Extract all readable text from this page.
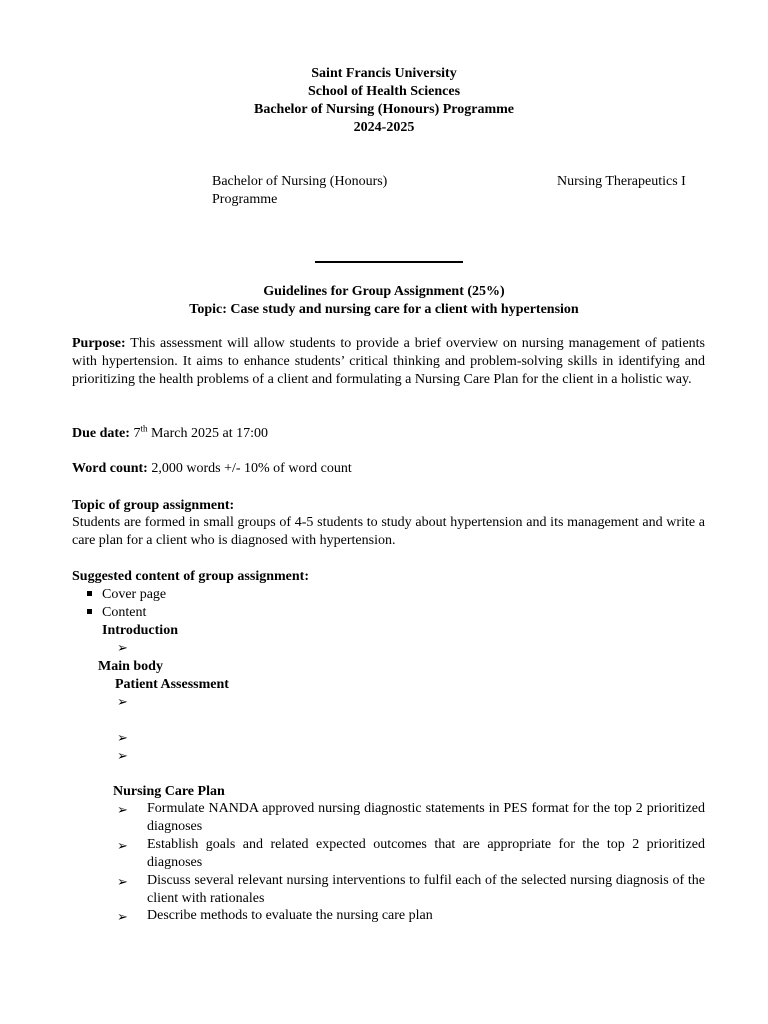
Saint Francis University
School of Health Sciences
Bachelor of Nursing (Honours) Programme
2024-2025
Bachelor of Nursing (Honours) Programme
Nursing Therapeutics I
Guidelines for Group Assignment (25%)
Topic: Case study and nursing care for a client with hypertension
Purpose: This assessment will allow students to provide a brief overview on nursing management of patients with hypertension. It aims to enhance students’ critical thinking and problem-solving skills in identifying and prioritizing the health problems of a client and formulating a Nursing Care Plan for the client in a holistic way.
Due date: 7th March 2025 at 17:00
Word count: 2,000 words +/- 10% of word count
Topic of group assignment:
Students are formed in small groups of 4-5 students to study about hypertension and its management and write a care plan for a client who is diagnosed with hypertension.
Suggested content of group assignment:
Cover page
Content
Introduction
➢
Main body
Patient Assessment
➢
➢
➢
Nursing Care Plan
➢ Formulate NANDA approved nursing diagnostic statements in PES format for the top 2 prioritized diagnoses
➢ Establish goals and related expected outcomes that are appropriate for the top 2 prioritized diagnoses
➢ Discuss several relevant nursing interventions to fulfil each of the selected nursing diagnosis of the client with rationales
➢ Describe methods to evaluate the nursing care plan
